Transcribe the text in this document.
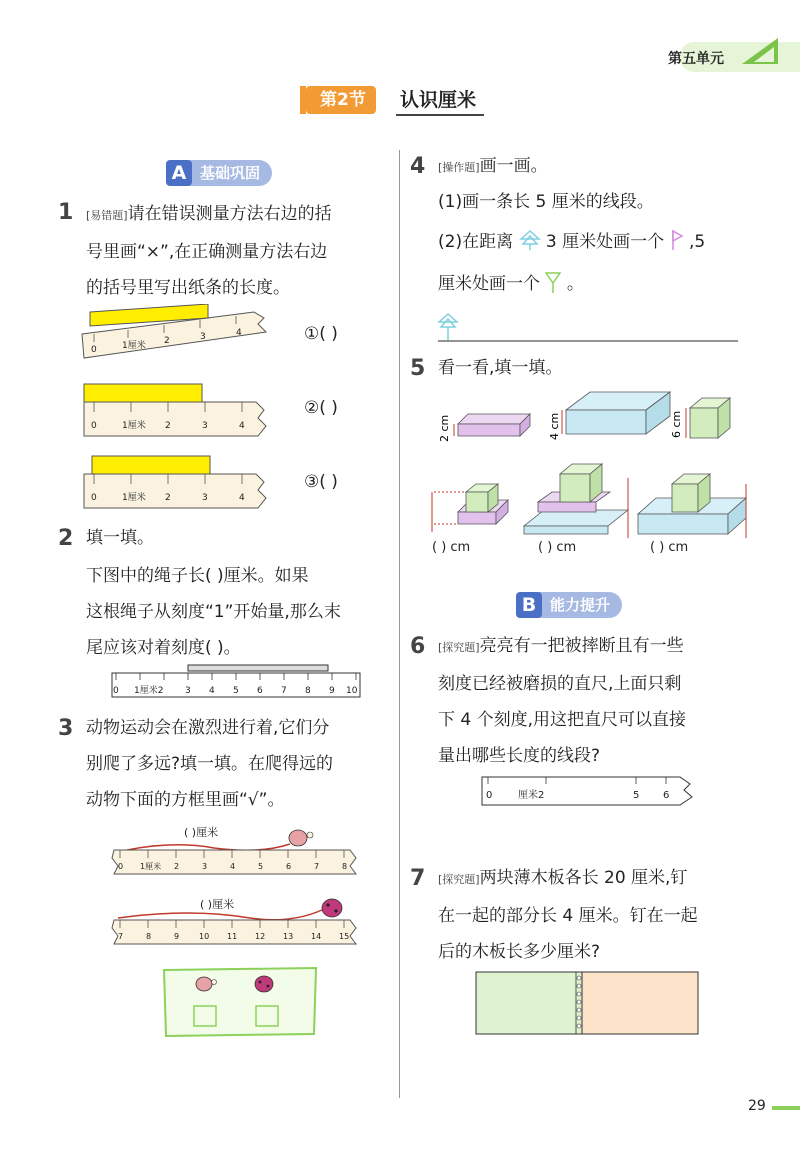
第五单元
第2节	认识厘米
基础巩固
A
1 [易错题]请在错误测量方法右边的括
号里画“×”,在正确测量方法右边
的括号里写出纸条的长度。
0	1厘米 2	3	4	①( )
0	1厘米 2	3	4
②( )
0	1厘米 2	3	4
③( )
2 填一填。
下图中的绳子长( )厘米。如果
这根绳子从刻度“1”开始量,那么末
尾应该对着刻度( )。
0 1厘米2 3 4 5 6 7 8 9 10
3 动物运动会在激烈进行着,它们分
别爬了多远?填一填。在爬得远的
动物下面的方框里画“√”。
( )厘米
0 1厘米 2	3	4	5	6	7	8
( )厘米
7	8	9 10 11 12 13 14 15
4 [操作题]画一画。
(1)画一条长 5 厘米的线段。
(2)在距离 3 厘米处画一个 ,5
厘米处画一个 。
5 看一看,填一填。
2 cm	4 cm	6 cm
( ) cm	( ) cm	( ) cm
能力提升
B
6 [探究题]亮亮有一把被摔断且有一些
刻度已经被磨损的直尺,上面只剩
下 4 个刻度,用这把直尺可以直接
量出哪些长度的线段?
0	厘米2	5 6
7 [探究题]两块薄木板各长 20 厘米,钉
在一起的部分长 4 厘米。钉在一起
后的木板长多少厘米?
29
